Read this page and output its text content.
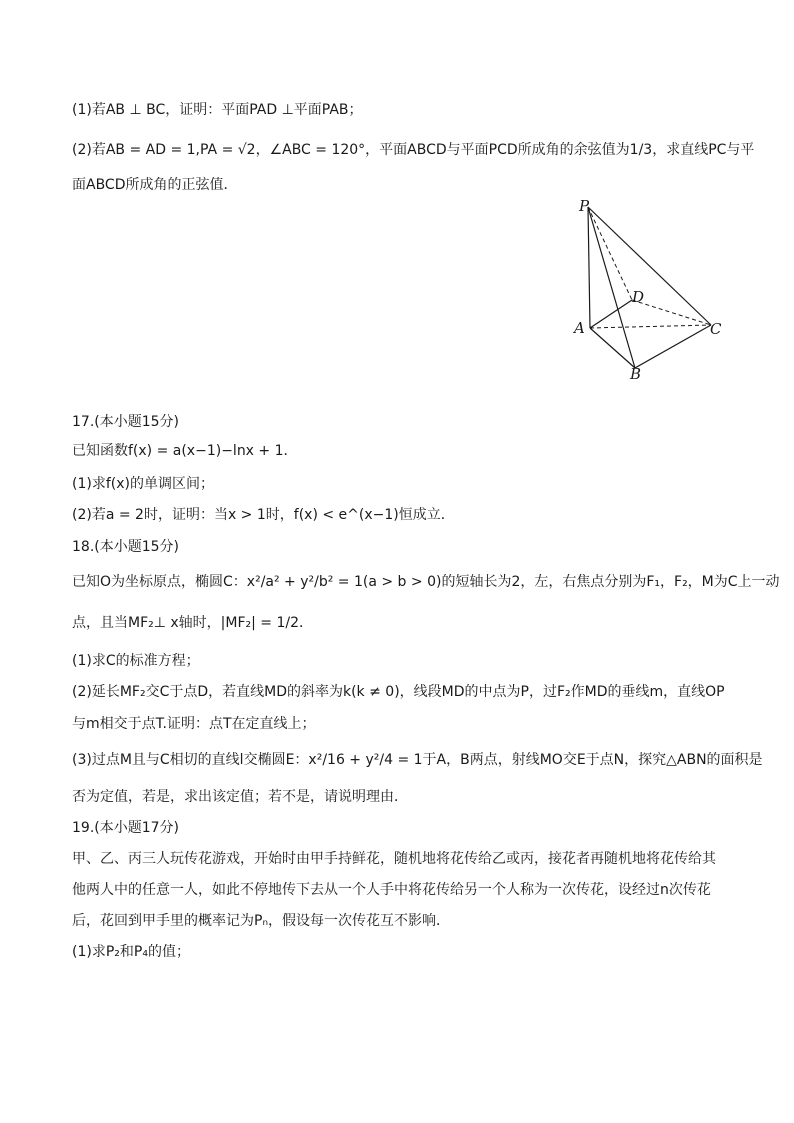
(1)若AB ⊥ BC，证明：平面PAD ⊥平面PAB；
(2)若AB = AD = 1,PA = √2，∠ABC = 120°，平面ABCD与平面PCD所成角的余弦值为1/3，求直线PC与平
面ABCD所成角的正弦值．
P
D
A	C
B
17.(本小题15分)
已知函数f(x) = a(x−1)−lnx + 1．
(1)求f(x)的单调区间；
(2)若a = 2时，证明：当x > 1时，f(x) < e^(x−1)恒成立．
18.(本小题15分)
已知O为坐标原点，椭圆C：x²/a² + y²/b² = 1(a > b > 0)的短轴长为2，左，右焦点分别为F₁，F₂，M为C上一动
点，且当MF₂⊥ x轴时，|MF₂| = 1/2．
(1)求C的标准方程；
(2)延长MF₂交C于点D，若直线MD的斜率为k(k ≠ 0)，线段MD的中点为P，过F₂作MD的垂线m，直线OP
与m相交于点T.证明：点T在定直线上；
(3)过点M且与C相切的直线l交椭圆E：x²/16 + y²/4 = 1于A，B两点，射线MO交E于点N，探究△ABN的面积是
否为定值，若是，求出该定值；若不是，请说明理由．
19.(本小题17分)
甲、乙、丙三人玩传花游戏，开始时由甲手持鲜花，随机地将花传给乙或丙，接花者再随机地将花传给其
他两人中的任意一人，如此不停地传下去从一个人手中将花传给另一个人称为一次传花，设经过n次传花
后，花回到甲手里的概率记为Pₙ，假设每一次传花互不影响．
(1)求P₂和P₄的值；
